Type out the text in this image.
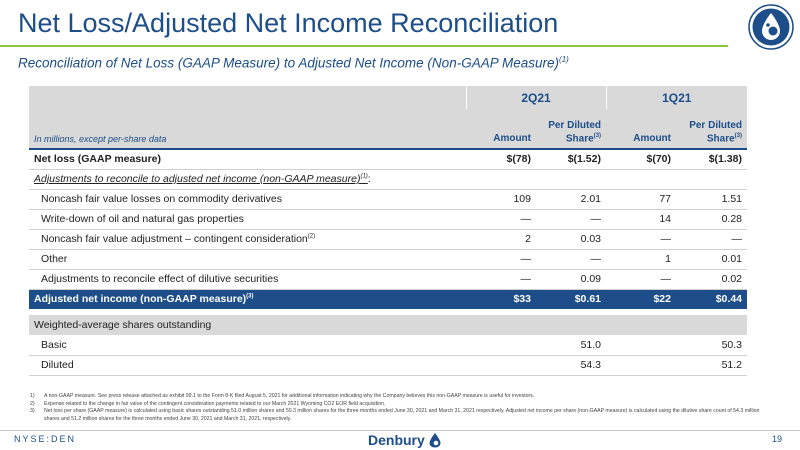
Net Loss/Adjusted Net Income Reconciliation
Reconciliation of Net Loss (GAAP Measure) to Adjusted Net Income (Non-GAAP Measure)$^{(1)}$
	2Q21		1Q21	
In millions, except per-share data	Amount	Per Diluted Share$^{(3)}$	Amount	Per Diluted Share$^{(3)}$
Net loss (GAAP measure)	$(78)	$(1.52)	$(70)	$(1.38)
Adjustments to reconcile to adjusted net income (non-GAAP measure)$^{(1)}$:				
Noncash fair value losses on commodity derivatives	109	2.01	77	1.51
Write-down of oil and natural gas properties	—	—	14	0.28
Noncash fair value adjustment – contingent consideration$^{(2)}$	2	0.03	—	—
Other	—	—	1	0.01
Adjustments to reconcile effect of dilutive securities	—	0.09	—	0.02
Adjusted net income (non-GAAP measure)$^{(3)}$	$33	$0.61	$22	$0.44

Weighted-average shares outstanding				
Basic		51.0		50.3
Diluted		54.3		51.2
1)	A non-GAAP measure. See press release attached as exhibit 99.1 to the Form 8-K filed August 5, 2021 for additional information indicating why the Company believes this non-GAAP measure is useful for investors.
2)	Expense related to the change in fair value of the contingent consideration payments related to our March 2021 Wyoming CO2 EOR field acquisition.
3)	Net loss per share (GAAP measure) is calculated using basic shares outstanding 51.0 million shares and 50.3 million shares for the three months ended June 30, 2021 and March 31, 2021 respectively. Adjusted net income per share (non-GAAP measure) is calculated using the dilutive share count of 54.3 million shares and 51.2 million shares for the three months ended June 30, 2021 and March 31, 2021, respectively.
NYSE:DEN	Denbury	19
